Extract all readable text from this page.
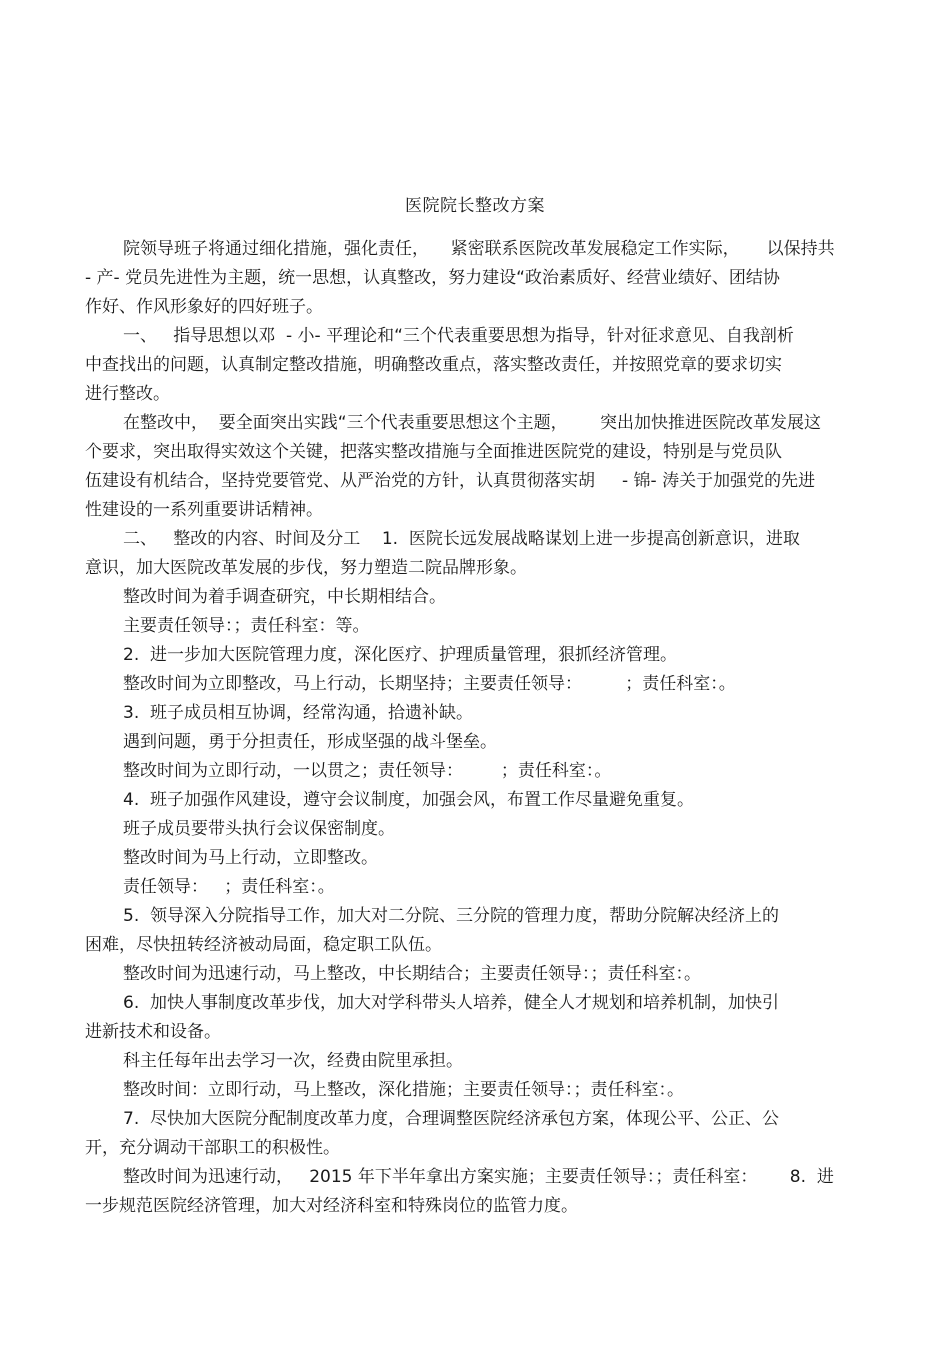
医院院长整改方案
院领导班子将通过细化措施，强化责任，    紧密联系医院改革发展稳定工作实际，     以保持共
- 产- 党员先进性为主题，统一思想，认真整改，努力建设“政治素质好、经营业绩好、团结协
作好、作风形象好的四好班子。
一、   指导思想以邓  - 小- 平理论和“三个代表重要思想为指导，针对征求意见、自我剖析
中查找出的问题，认真制定整改措施，明确整改重点，落实整改责任，并按照党章的要求切实
进行整改。
在整改中，  要全面突出实践“三个代表重要思想这个主题，      突出加快推进医院改革发展这
个要求，突出取得实效这个关键，把落实整改措施与全面推进医院党的建设，特别是与党员队
伍建设有机结合，坚持党要管党、从严治党的方针，认真贯彻落实胡     - 锦- 涛关于加强党的先进
性建设的一系列重要讲话精神。
二、   整改的内容、时间及分工    1.  医院长远发展战略谋划上进一步提高创新意识，进取
意识，加大医院改革发展的步伐，努力塑造二院品牌形象。
整改时间为着手调查研究，中长期相结合。
主要责任领导：；责任科室：等。
2.  进一步加大医院管理力度，深化医疗、护理质量管理，狠抓经济管理。
整改时间为立即整改，马上行动，长期坚持；主要责任领导：        ；责任科室：。
3.  班子成员相互协调，经常沟通，拾遗补缺。
遇到问题，勇于分担责任，形成坚强的战斗堡垒。
整改时间为立即行动，一以贯之；责任领导：       ；责任科室：。
4.  班子加强作风建设，遵守会议制度，加强会风，布置工作尽量避免重复。
班子成员要带头执行会议保密制度。
整改时间为马上行动，立即整改。
责任领导：   ；责任科室：。
5.  领导深入分院指导工作，加大对二分院、三分院的管理力度，帮助分院解决经济上的
困难，尽快扭转经济被动局面，稳定职工队伍。
整改时间为迅速行动，马上整改，中长期结合；主要责任领导：；责任科室：。
6.  加快人事制度改革步伐，加大对学科带头人培养，健全人才规划和培养机制，加快引
进新技术和设备。
科主任每年出去学习一次，经费由院里承担。
整改时间：立即行动，马上整改，深化措施；主要责任领导：；责任科室：。
7.  尽快加大医院分配制度改革力度，合理调整医院经济承包方案，体现公平、公正、公
开，充分调动干部职工的积极性。
整改时间为迅速行动，   2015 年下半年拿出方案实施；主要责任领导：；责任科室：      8.  进
一步规范医院经济管理，加大对经济科室和特殊岗位的监管力度。
